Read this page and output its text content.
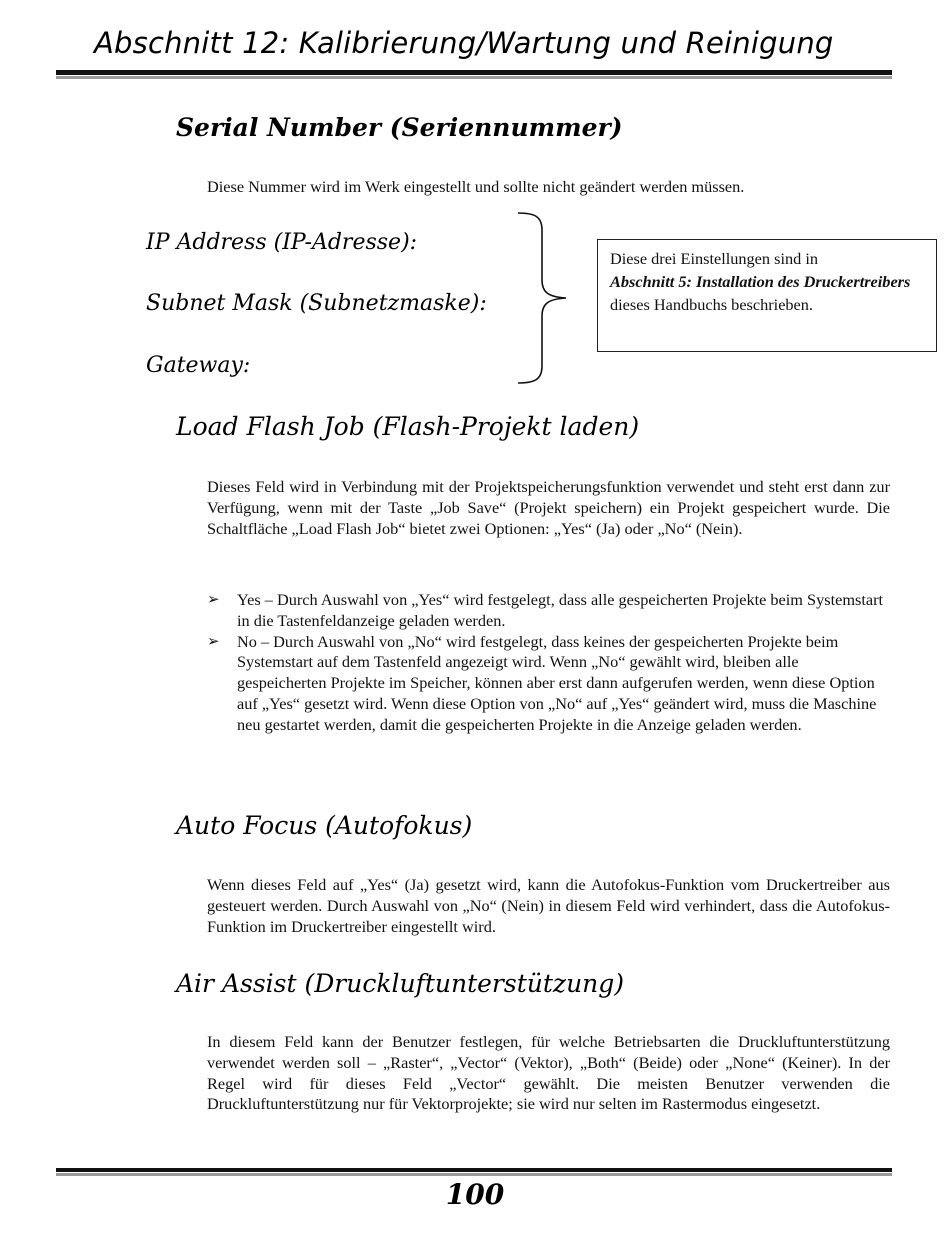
Abschnitt 12: Kalibrierung/Wartung und Reinigung
Serial Number (Seriennummer)
Diese Nummer wird im Werk eingestellt und sollte nicht geändert werden müssen.
IP Address (IP-Adresse):
Subnet Mask (Subnetzmaske):
Gateway:
Diese drei Einstellungen sind in
Abschnitt 5: Installation des Druckertreibers dieses Handbuchs beschrieben.
Load Flash Job (Flash-Projekt laden)
Dieses Feld wird in Verbindung mit der Projektspeicherungsfunktion verwendet und steht erst dann zur Verfügung, wenn mit der Taste „Job Save“ (Projekt speichern) ein Projekt gespeichert wurde. Die Schaltfläche „Load Flash Job“ bietet zwei Optionen: „Yes“ (Ja) oder „No“ (Nein).
➢ Yes – Durch Auswahl von „Yes“ wird festgelegt, dass alle gespeicherten Projekte beim Systemstart in die Tastenfeldanzeige geladen werden.
➢ No – Durch Auswahl von „No“ wird festgelegt, dass keines der gespeicherten Projekte beim Systemstart auf dem Tastenfeld angezeigt wird. Wenn „No“ gewählt wird, bleiben alle gespeicherten Projekte im Speicher, können aber erst dann aufgerufen werden, wenn diese Option auf „Yes“ gesetzt wird. Wenn diese Option von „No“ auf „Yes“ geändert wird, muss die Maschine neu gestartet werden, damit die gespeicherten Projekte in die Anzeige geladen werden.
Auto Focus (Autofokus)
Wenn dieses Feld auf „Yes“ (Ja) gesetzt wird, kann die Autofokus-Funktion vom Druckertreiber aus gesteuert werden. Durch Auswahl von „No“ (Nein) in diesem Feld wird verhindert, dass die Autofokus-Funktion im Druckertreiber eingestellt wird.
Air Assist (Druckluftunterstützung)
In diesem Feld kann der Benutzer festlegen, für welche Betriebsarten die Druckluftunterstützung verwendet werden soll – „Raster“, „Vector“ (Vektor), „Both“ (Beide) oder „None“ (Keiner). In der Regel wird für dieses Feld „Vector“ gewählt. Die meisten Benutzer verwenden die Druckluftunterstützung nur für Vektorprojekte; sie wird nur selten im Rastermodus eingesetzt.
100
